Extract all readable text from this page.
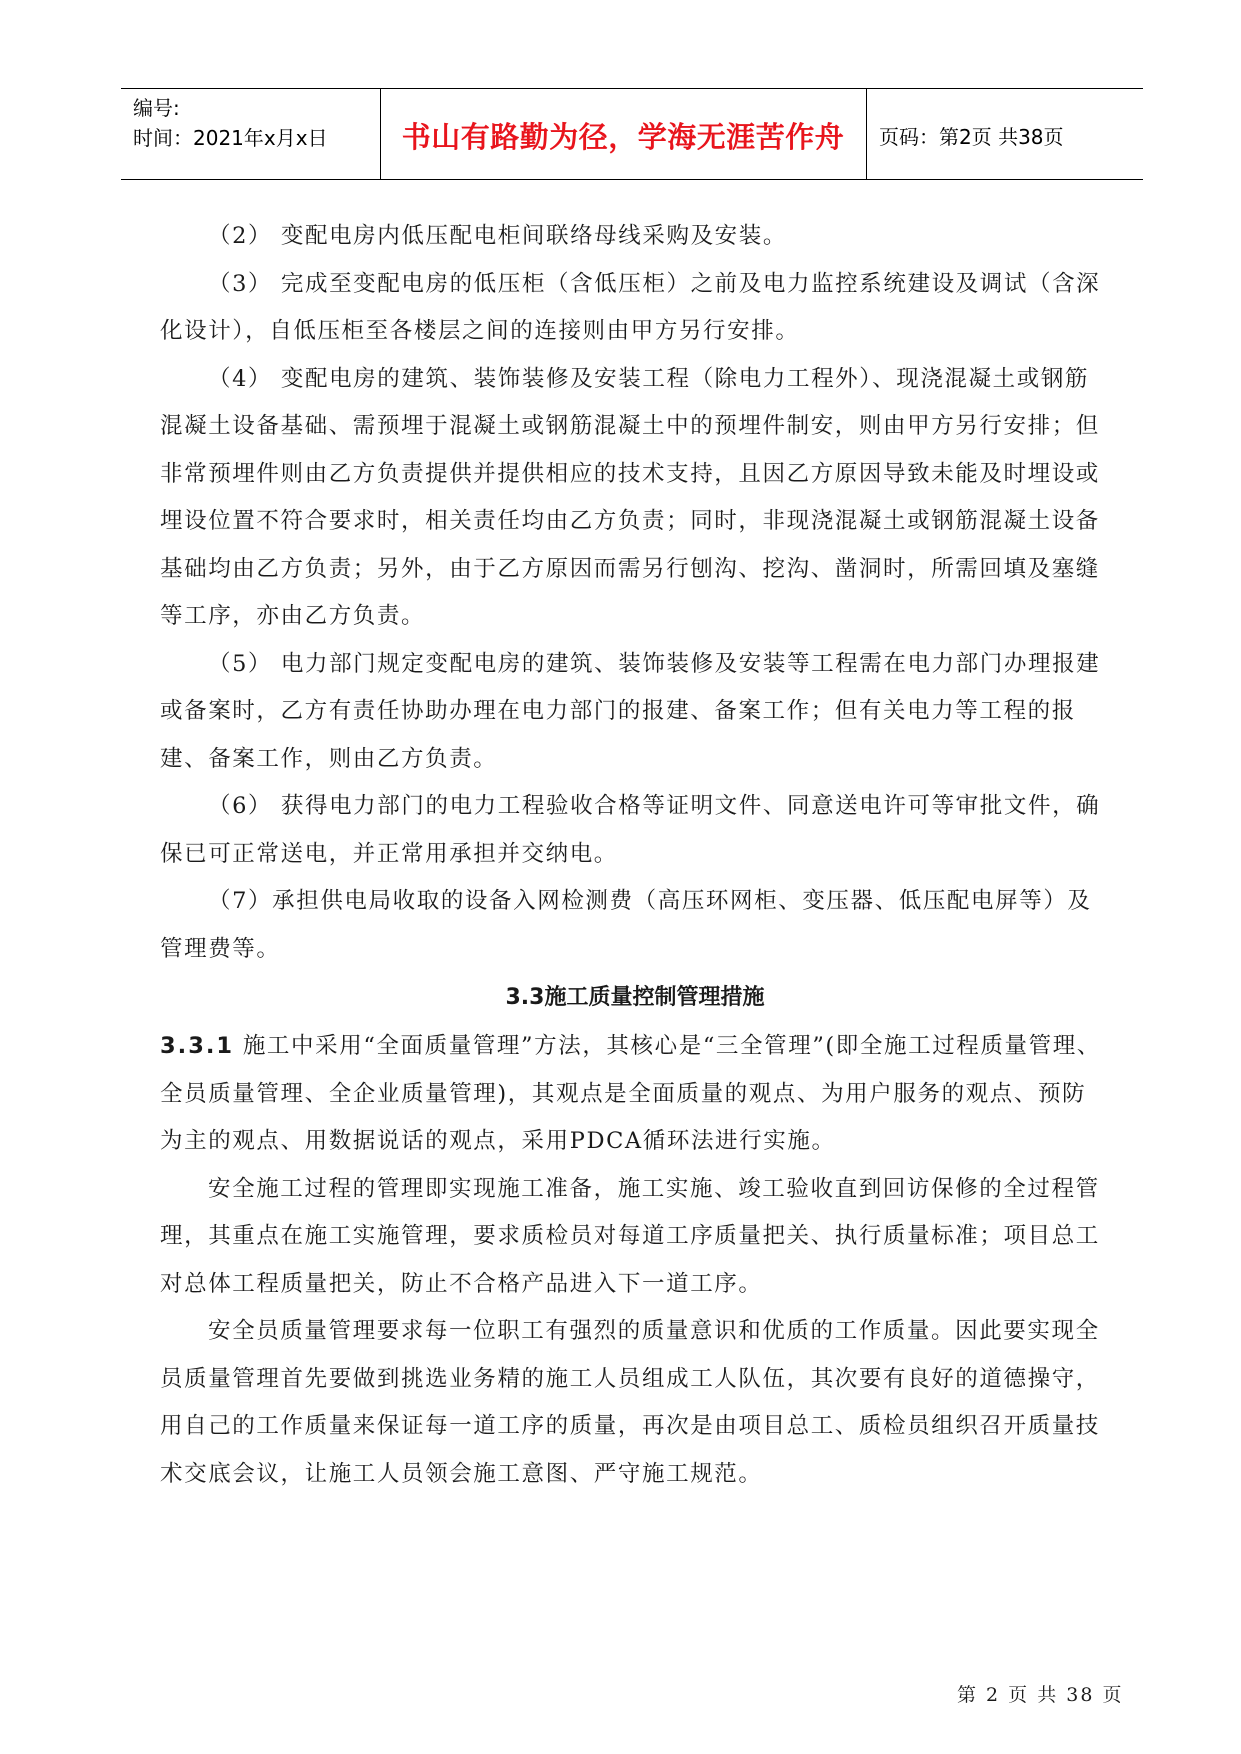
编号:
时间：2021年x月x日	书山有路勤为径，学海无涯苦作舟	页码：第2页 共38页

（2） 变配电房内低压配电柜间联络母线采购及安装。

（3） 完成至变配电房的低压柜（含低压柜）之前及电力监控系统建设及调试（含深化设计），自低压柜至各楼层之间的连接则由甲方另行安排。

（4） 变配电房的建筑、装饰装修及安装工程（除电力工程外）、现浇混凝土或钢筋混凝土设备基础、需预埋于混凝土或钢筋混凝土中的预埋件制安，则由甲方另行安排；但非常预埋件则由乙方负责提供并提供相应的技术支持，且因乙方原因导致未能及时埋设或埋设位置不符合要求时，相关责任均由乙方负责；同时，非现浇混凝土或钢筋混凝土设备基础均由乙方负责；另外，由于乙方原因而需另行刨沟、挖沟、凿洞时，所需回填及塞缝等工序，亦由乙方负责。

（5） 电力部门规定变配电房的建筑、装饰装修及安装等工程需在电力部门办理报建或备案时，乙方有责任协助办理在电力部门的报建、备案工作；但有关电力等工程的报建、备案工作，则由乙方负责。

（6） 获得电力部门的电力工程验收合格等证明文件、同意送电许可等审批文件，确保已可正常送电，并正常用承担并交纳电。

（7）承担供电局收取的设备入网检测费（高压环网柜、变压器、低压配电屏等）及管理费等。

3.3施工质量控制管理措施

3.3.1 施工中采用“全面质量管理”方法，其核心是“三全管理”(即全施工过程质量管理、全员质量管理、全企业质量管理)，其观点是全面质量的观点、为用户服务的观点、预防为主的观点、用数据说话的观点，采用PDCA循环法进行实施。

安全施工过程的管理即实现施工准备，施工实施、竣工验收直到回访保修的全过程管理，其重点在施工实施管理，要求质检员对每道工序质量把关、执行质量标准；项目总工对总体工程质量把关，防止不合格产品进入下一道工序。

安全员质量管理要求每一位职工有强烈的质量意识和优质的工作质量。因此要实现全员质量管理首先要做到挑选业务精的施工人员组成工人队伍，其次要有良好的道德操守，用自己的工作质量来保证每一道工序的质量，再次是由项目总工、质检员组织召开质量技术交底会议，让施工人员领会施工意图、严守施工规范。

第 2 页 共 38 页
